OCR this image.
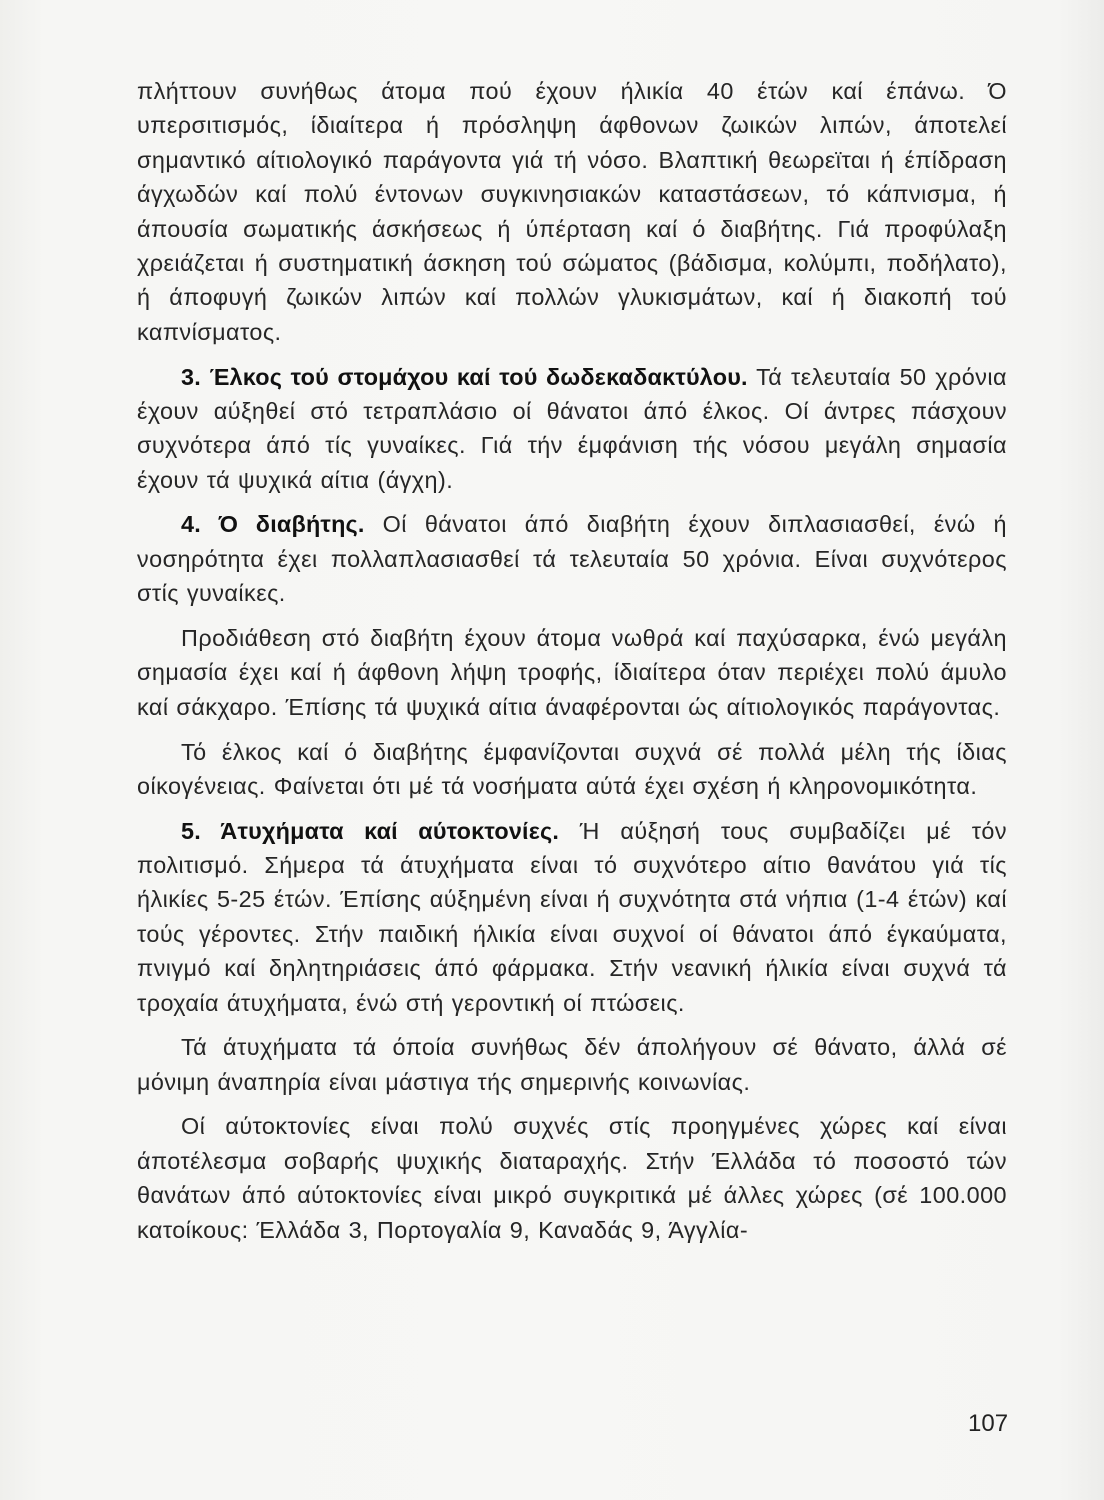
πλήττουν συνήθως άτομα πού έχουν ήλικία 40 έτών καί έπάνω. Ό υπερσιτισμός, ίδιαίτερα ή πρόσληψη άφθονων ζωικών λιπών, άποτελεί σημαντικό αίτιολογικό παράγοντα γιά τή νόσο. Βλαπτική θεωρεϊται ή έπίδραση άγχωδών καί πολύ έντονων συγκινησιακών καταστάσεων, τό κάπνισμα, ή άπουσία σωματικής άσκήσεως ή ύπέρταση καί ό διαβήτης. Γιά προφύλαξη χρειάζεται ή συστηματική άσκηση τού σώματος (βάδισμα, κολύμπι, ποδήλατο), ή άποφυγή ζωικών λιπών καί πολλών γλυκισμάτων, καί ή διακοπή τού καπνίσματος.

3. Έλκος τού στομάχου καί τού δωδεκαδακτύλου. Τά τελευταία 50 χρόνια έχουν αύξηθεί στό τετραπλάσιο οί θάνατοι άπό έλκος. Οί άντρες πάσχουν συχνότερα άπό τίς γυναίκες. Γιά τήν έμφάνιση τής νόσου μεγάλη σημασία έχουν τά ψυχικά αίτια (άγχη).

4. Ό διαβήτης. Οί θάνατοι άπό διαβήτη έχουν διπλασιασθεί, ένώ ή νοσηρότητα έχει πολλαπλασιασθεί τά τελευταία 50 χρόνια. Είναι συχνότερος στίς γυναίκες.

Προδιάθεση στό διαβήτη έχουν άτομα νωθρά καί παχύσαρκα, ένώ μεγάλη σημασία έχει καί ή άφθονη λήψη τροφής, ίδιαίτερα όταν περιέχει πολύ άμυλο καί σάκχαρο. Έπίσης τά ψυχικά αίτια άναφέρονται ώς αίτιολογικός παράγοντας.

Τό έλκος καί ό διαβήτης έμφανίζονται συχνά σέ πολλά μέλη τής ίδιας οίκογένειας. Φαίνεται ότι μέ τά νοσήματα αύτά έχει σχέση ή κληρονομικότητα.

5. Άτυχήματα καί αύτοκτονίες. Ή αύξησή τους συμβαδίζει μέ τόν πολιτισμό. Σήμερα τά άτυχήματα είναι τό συχνότερο αίτιο θανάτου γιά τίς ήλικίες 5-25 έτών. Έπίσης αύξημένη είναι ή συχνότητα στά νήπια (1-4 έτών) καί τούς γέροντες. Στήν παιδική ήλικία είναι συχνοί οί θάνατοι άπό έγκαύματα, πνιγμό καί δηλητηριάσεις άπό φάρμακα. Στήν νεανική ήλικία είναι συχνά τά τροχαία άτυχήματα, ένώ στή γεροντική οί πτώσεις.

Τά άτυχήματα τά όποία συνήθως δέν άπολήγουν σέ θάνατο, άλλά σέ μόνιμη άναπηρία είναι μάστιγα τής σημερινής κοινωνίας.

Οί αύτοκτονίες είναι πολύ συχνές στίς προηγμένες χώρες καί είναι άποτέλεσμα σοβαρής ψυχικής διαταραχής. Στήν Έλλάδα τό ποσοστό τών θανάτων άπό αύτοκτονίες είναι μικρό συγκριτικά μέ άλλες χώρες (σέ 100.000 κατοίκους: Έλλάδα 3, Πορτογαλία 9, Καναδάς 9, Άγγλία-

107
